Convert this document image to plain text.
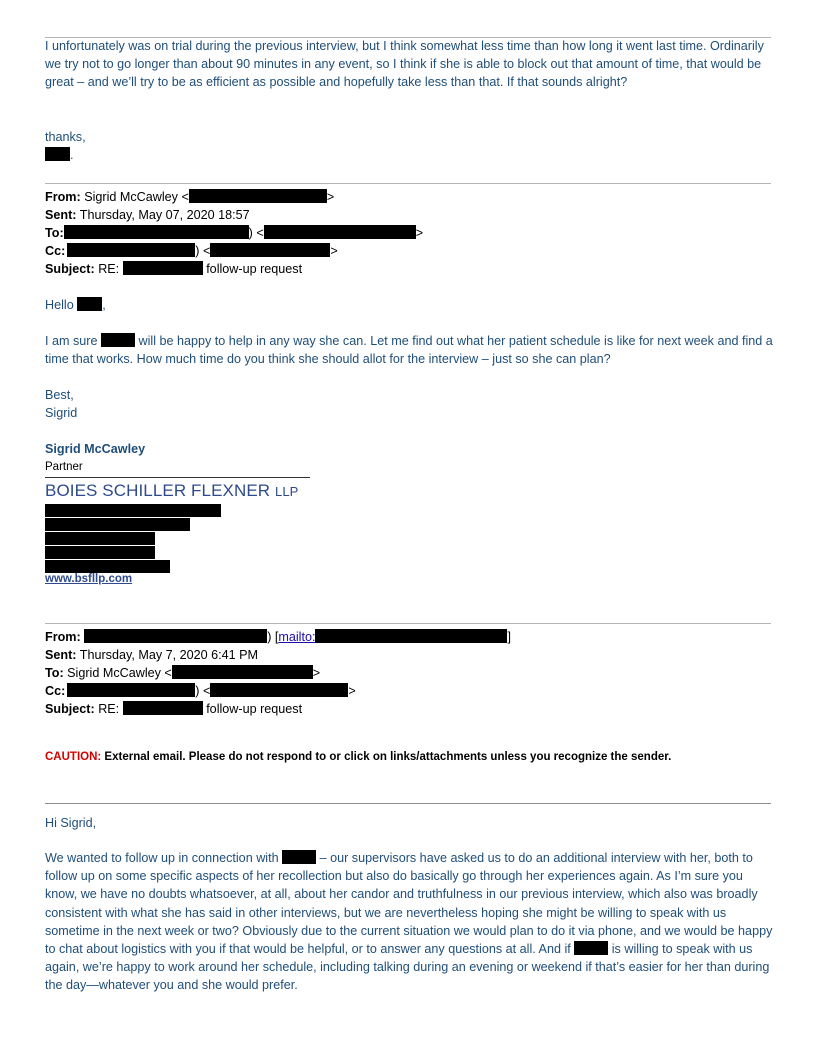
I unfortunately was on trial during the previous interview, but I think somewhat less time than how long it went last time. Ordinarily we try not to go longer than about 90 minutes in any event, so I think if she is able to block out that amount of time, that would be great – and we’ll try to be as efficient as possible and hopefully take less than that. If that sounds alright?
thanks,
.
From: Sigrid McCawley <	>
Sent: Thursday, May 07, 2020 18:57
To:	) <	>
Cc:	) <	>
Subject: RE:	follow-up request
Hello ,
I am sure	will be happy to help in any way she can. Let me find out what her patient schedule is like for next week and find a time that works. How much time do you think she should allot for the interview – just so she can plan?
Best,
Sigrid
Sigrid McCawley
Partner
BOIES SCHILLER FLEXNER LLP
www.bsfllp.com
From:	) [mailto:	]
Sent: Thursday, May 7, 2020 6:41 PM
To: Sigrid McCawley <	>
Cc:	) <	>
Subject: RE:	follow-up request
CAUTION: External email. Please do not respond to or click on links/attachments unless you recognize the sender.
Hi Sigrid,
We wanted to follow up in connection with	– our supervisors have asked us to do an additional interview with her, both to follow up on some specific aspects of her recollection but also do basically go through her experiences again. As I’m sure you know, we have no doubts whatsoever, at all, about her candor and truthfulness in our previous interview, which also was broadly consistent with what she has said in other interviews, but we are nevertheless hoping she might be willing to speak with us sometime in the next week or two? Obviously due to the current situation we would plan to do it via phone, and we would be happy to chat about logistics with you if that would be helpful, or to answer any questions at all. And if	is willing to speak with us again, we’re happy to work around her schedule, including talking during an evening or weekend if that’s easier for her than during the day—whatever you and she would prefer.
